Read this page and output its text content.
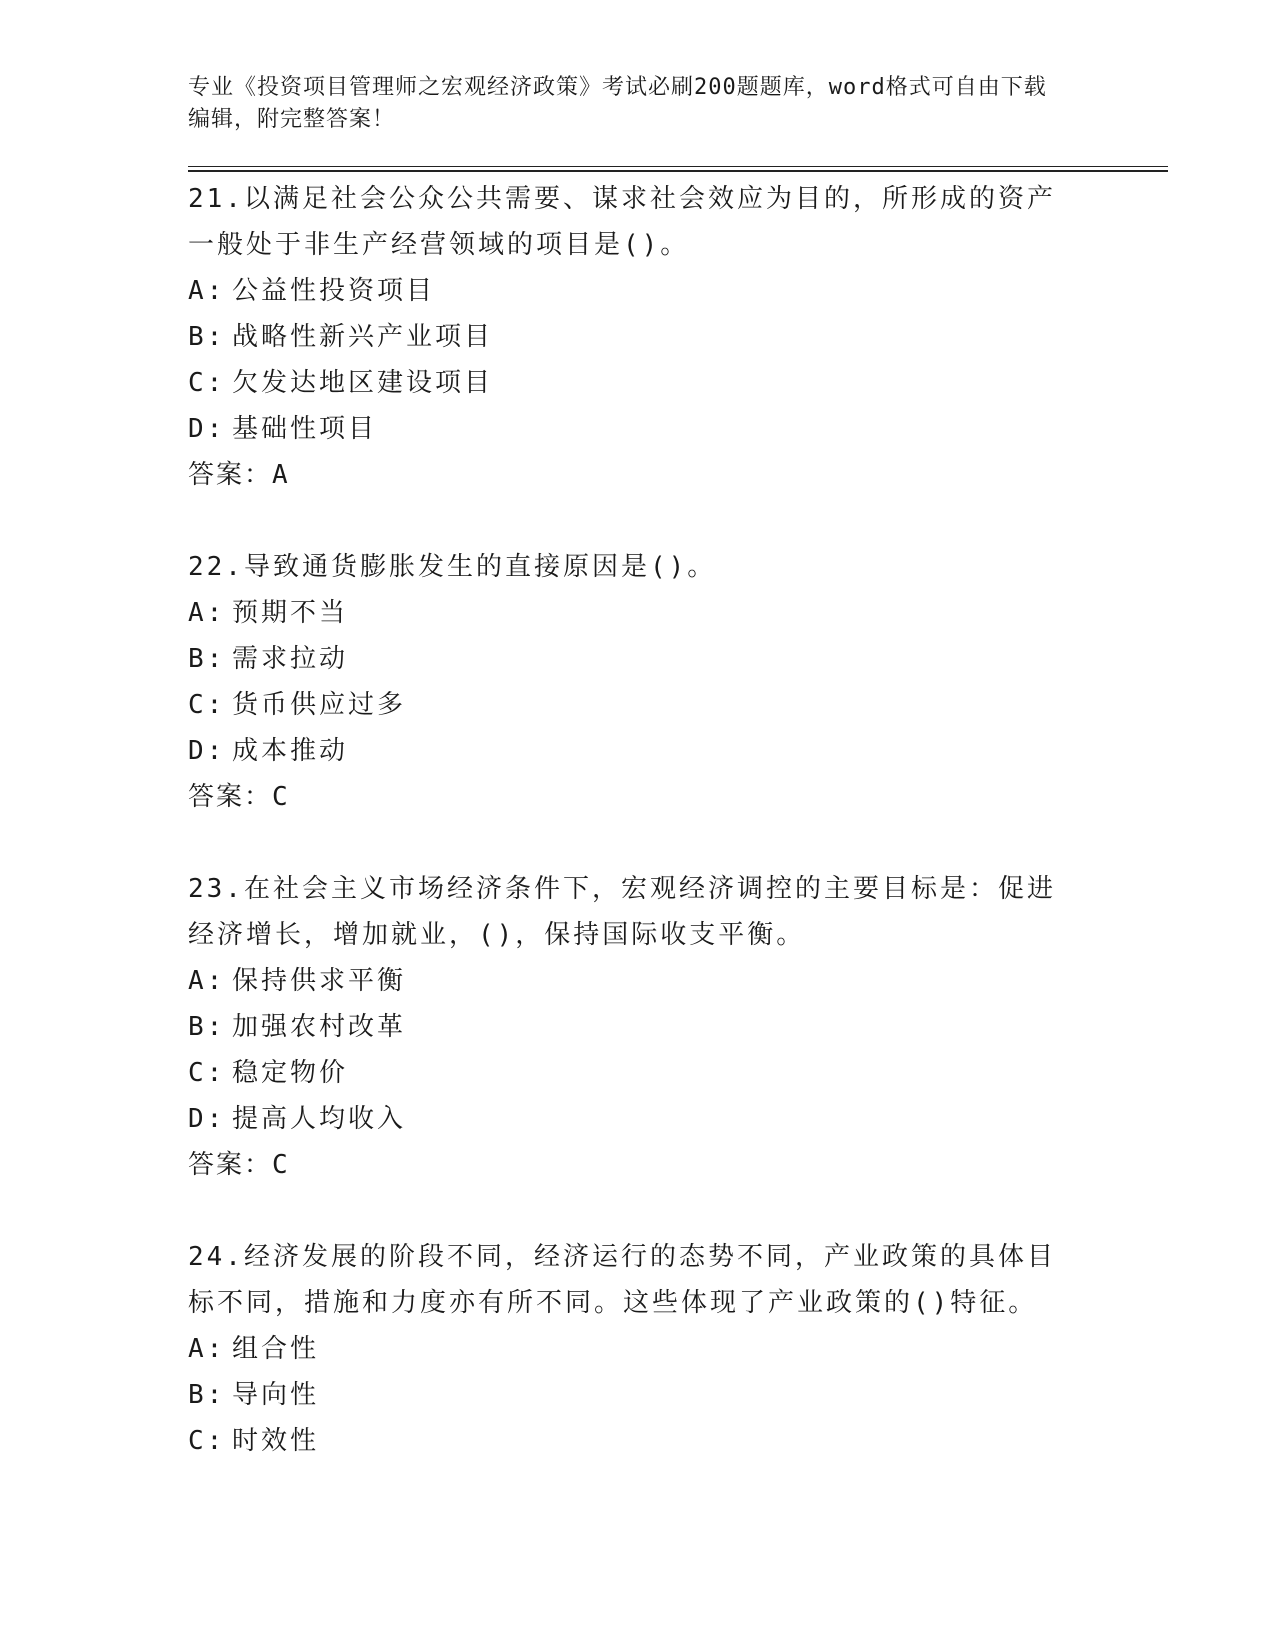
专业《投资项目管理师之宏观经济政策》考试必刷200题题库，word格式可自由下载编辑，附完整答案！

21.以满足社会公众公共需要、谋求社会效应为目的，所形成的资产一般处于非生产经营领域的项目是()。

A: 公益性投资项目

B: 战略性新兴产业项目

C: 欠发达地区建设项目

D: 基础性项目

答案：A

22.导致通货膨胀发生的直接原因是()。

A: 预期不当

B: 需求拉动

C: 货币供应过多

D: 成本推动

答案：C

23.在社会主义市场经济条件下，宏观经济调控的主要目标是：促进经济增长，增加就业，()，保持国际收支平衡。

A: 保持供求平衡

B: 加强农村改革

C: 稳定物价

D: 提高人均收入

答案：C

24.经济发展的阶段不同，经济运行的态势不同，产业政策的具体目标不同，措施和力度亦有所不同。这些体现了产业政策的()特征。

A: 组合性

B: 导向性

C: 时效性
